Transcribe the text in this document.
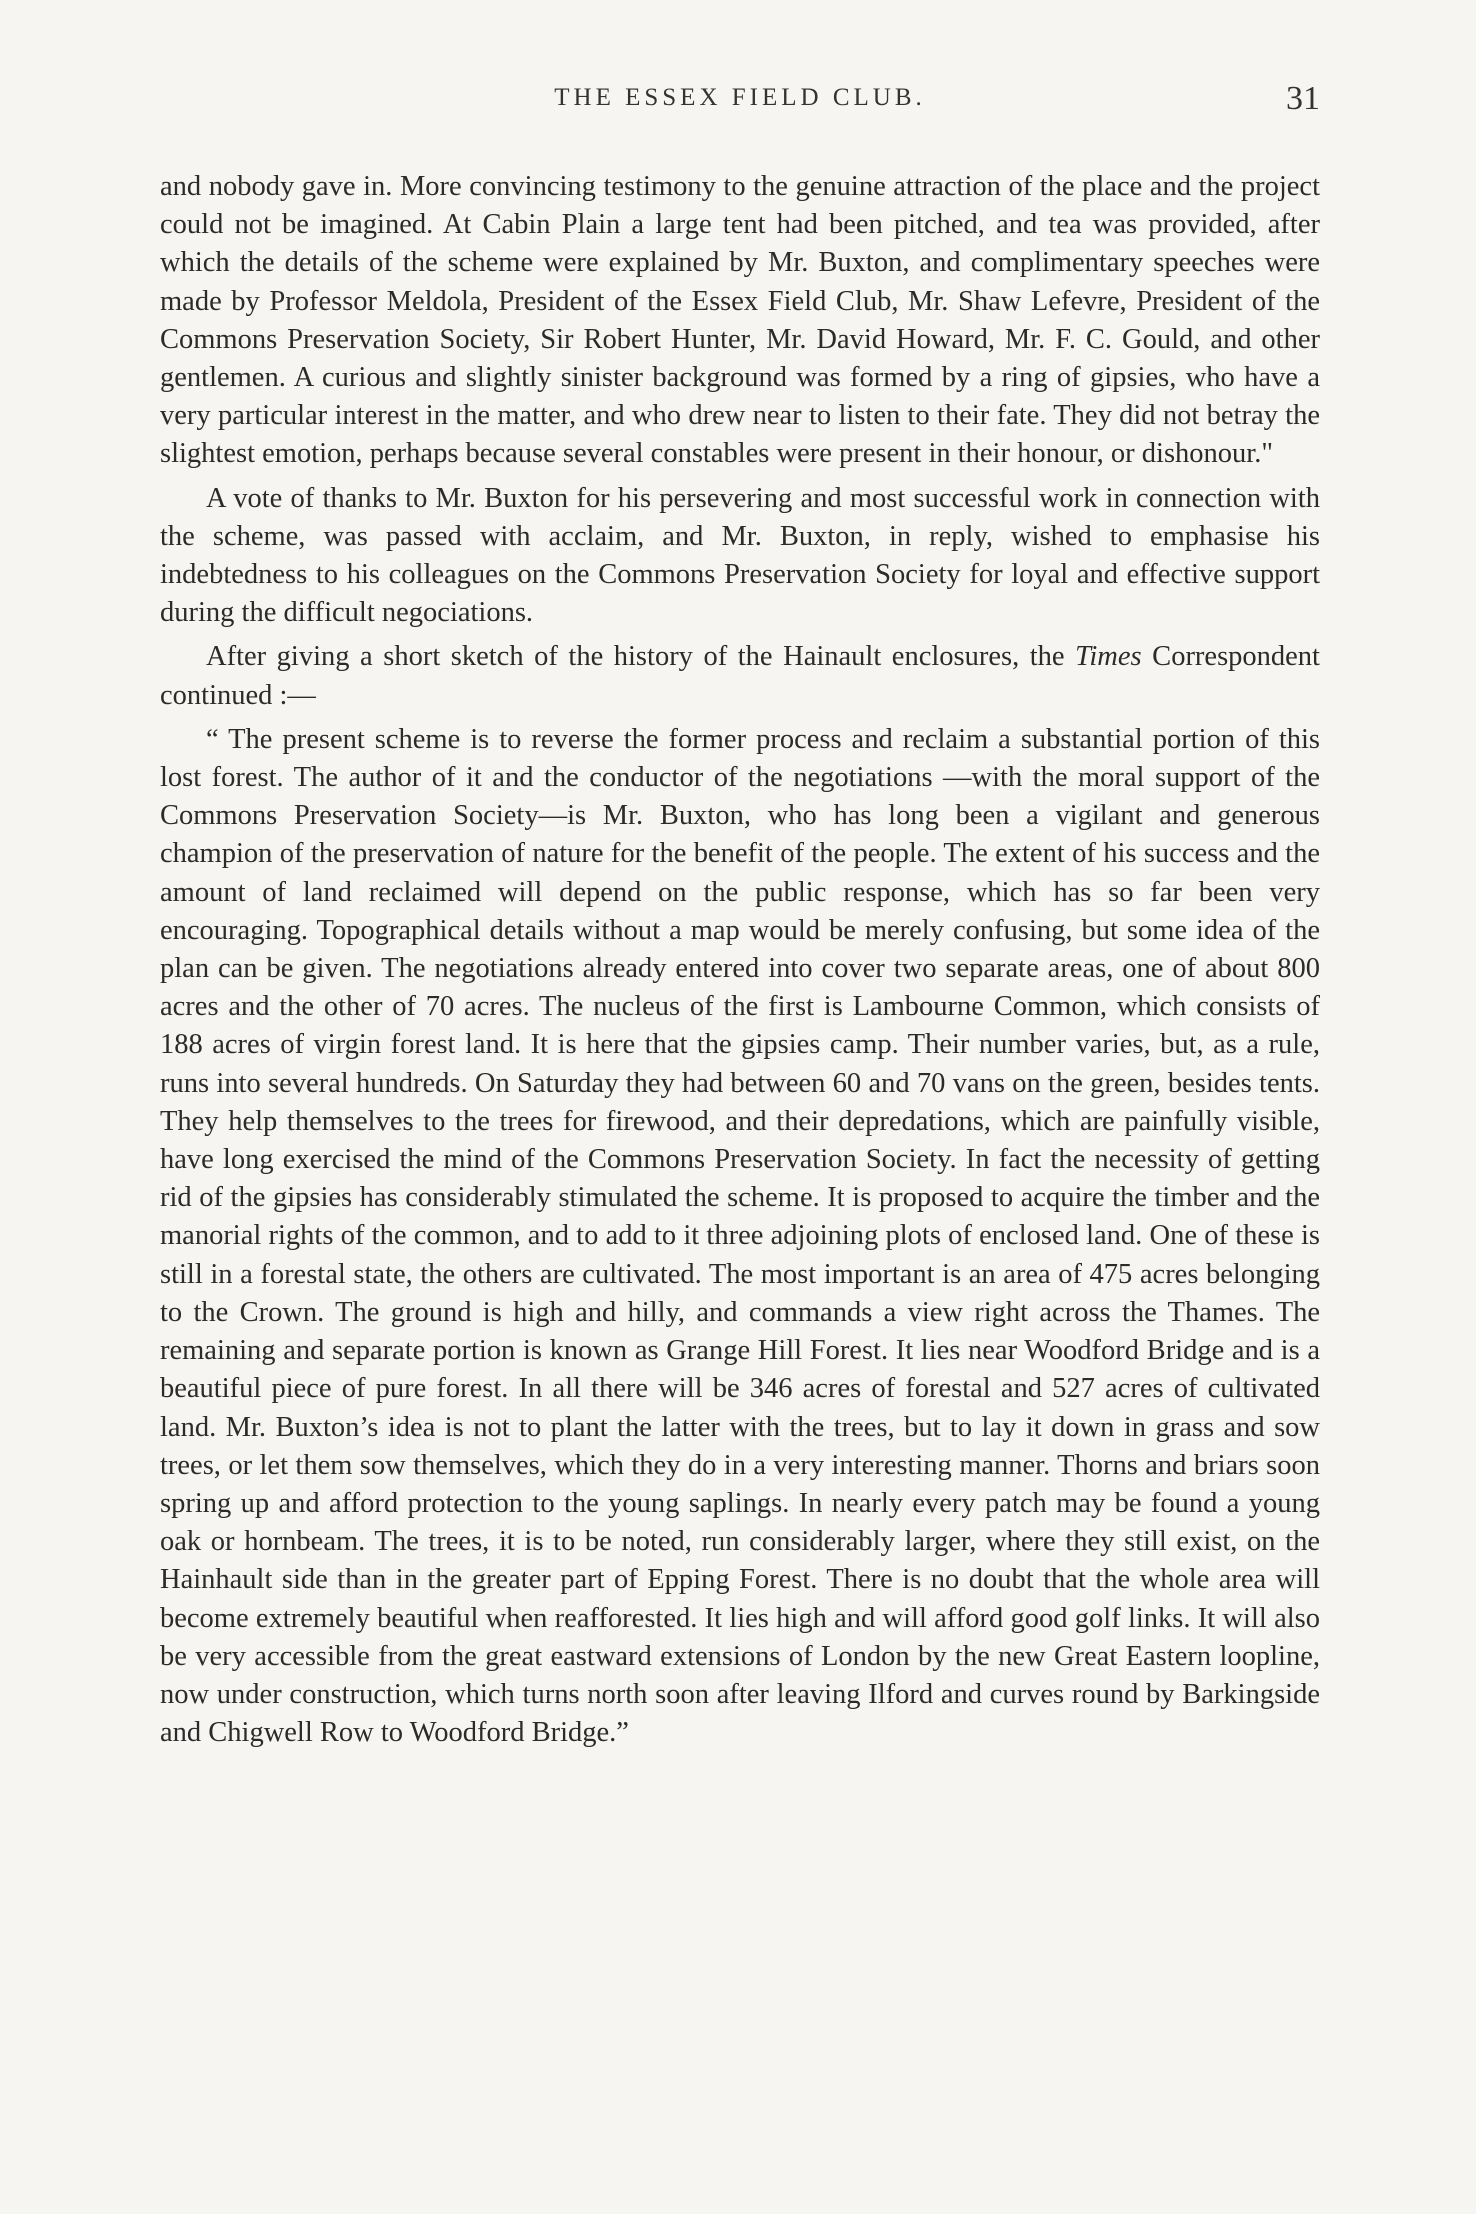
THE ESSEX FIELD CLUB.	31

and nobody gave in. More convincing testimony to the genuine attraction of the place and the project could not be imagined. At Cabin Plain a large tent had been pitched, and tea was provided, after which the details of the scheme were explained by Mr. Buxton, and complimentary speeches were made by Professor Meldola, President of the Essex Field Club, Mr. Shaw Lefevre, President of the Commons Preservation Society, Sir Robert Hunter, Mr. David Howard, Mr. F. C. Gould, and other gentlemen. A curious and slightly sinister background was formed by a ring of gipsies, who have a very particular interest in the matter, and who drew near to listen to their fate. They did not betray the slightest emotion, perhaps because several constables were present in their honour, or dishonour."

A vote of thanks to Mr. Buxton for his persevering and most successful work in connection with the scheme, was passed with acclaim, and Mr. Buxton, in reply, wished to emphasise his indebtedness to his colleagues on the Commons Preservation Society for loyal and effective support during the difficult negociations.

After giving a short sketch of the history of the Hainault enclosures, the Times Correspondent continued :—

“ The present scheme is to reverse the former process and reclaim a substantial portion of this lost forest. The author of it and the conductor of the negotiations —with the moral support of the Commons Preservation Society—is Mr. Buxton, who has long been a vigilant and generous champion of the preservation of nature for the benefit of the people. The extent of his success and the amount of land reclaimed will depend on the public response, which has so far been very encouraging. Topographical details without a map would be merely confusing, but some idea of the plan can be given. The negotiations already entered into cover two separate areas, one of about 800 acres and the other of 70 acres. The nucleus of the first is Lambourne Common, which consists of 188 acres of virgin forest land. It is here that the gipsies camp. Their number varies, but, as a rule, runs into several hundreds. On Saturday they had between 60 and 70 vans on the green, besides tents. They help themselves to the trees for firewood, and their depredations, which are painfully visible, have long exercised the mind of the Commons Preservation Society. In fact the necessity of getting rid of the gipsies has considerably stimulated the scheme. It is proposed to acquire the timber and the manorial rights of the common, and to add to it three adjoining plots of enclosed land. One of these is still in a forestal state, the others are cultivated. The most important is an area of 475 acres belonging to the Crown. The ground is high and hilly, and commands a view right across the Thames. The remaining and separate portion is known as Grange Hill Forest. It lies near Woodford Bridge and is a beautiful piece of pure forest. In all there will be 346 acres of forestal and 527 acres of cultivated land. Mr. Buxton’s idea is not to plant the latter with the trees, but to lay it down in grass and sow trees, or let them sow themselves, which they do in a very interesting manner. Thorns and briars soon spring up and afford protection to the young saplings. In nearly every patch may be found a young oak or hornbeam. The trees, it is to be noted, run considerably larger, where they still exist, on the Hainhault side than in the greater part of Epping Forest. There is no doubt that the whole area will become extremely beautiful when reafforested. It lies high and will afford good golf links. It will also be very accessible from the great eastward extensions of London by the new Great Eastern loopline, now under construction, which turns north soon after leaving Ilford and curves round by Barkingside and Chigwell Row to Woodford Bridge.”
